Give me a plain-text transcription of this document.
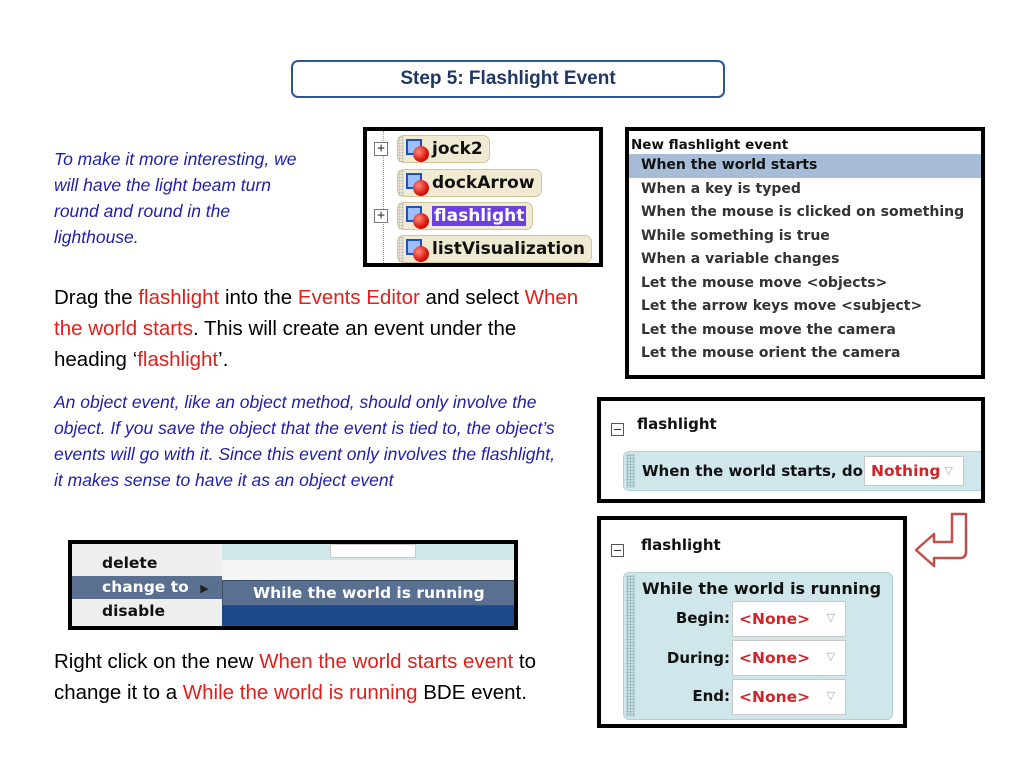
Step 5: Flashlight Event
To make it more interesting, we will have the light beam turn round and round in the lighthouse.
Drag the flashlight into the Events Editor and select When the world starts. This will create an event under the heading ‘flashlight’.
An object event, like an object method, should only involve the object. If you save the object that the event is tied to, the object’s events will go with it. Since this event only involves the flashlight, it makes sense to have it as an object event
Right click on the new When the world starts event to change it to a While the world is running BDE event.
+	jock2
dockArrow
+	flashlight
listVisualization
New flashlight event
When the world starts
When a key is typed
When the mouse is clicked on something
While something is true
When a variable changes
Let the mouse move <objects>
Let the arrow keys move <subject>
Let the mouse move the camera
Let the mouse orient the camera
flashlight
When the world starts, do Nothing ▽
flashlight
While the world is running
Begin: <None> ▽
During: <None> ▽
End: <None> ▽
delete
change to ▶
disable
While the world is running
